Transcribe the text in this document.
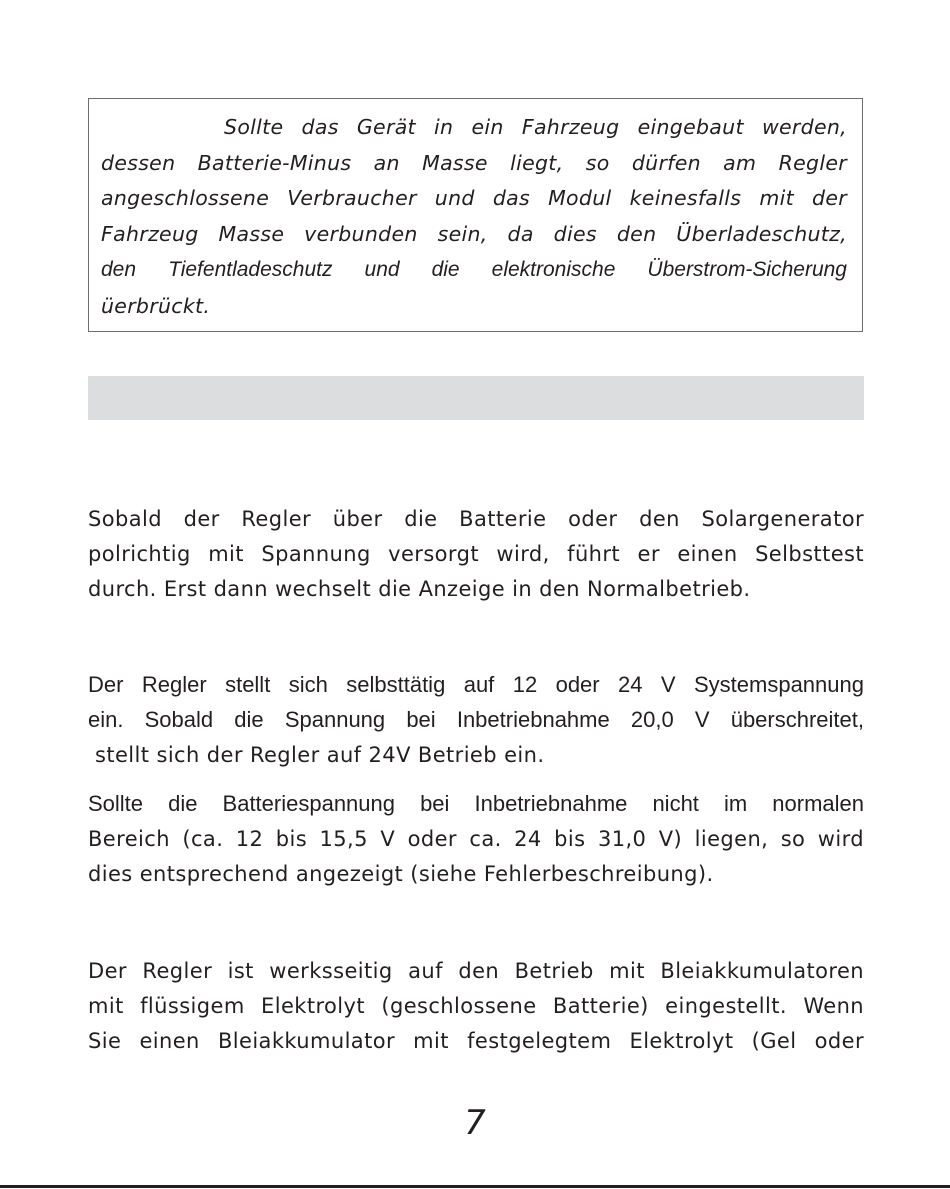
Sollte das Gerät in ein Fahrzeug eingebaut werden,
dessen Batterie-Minus an Masse liegt, so dürfen am Regler
angeschlossene Verbraucher und das Modul keinesfalls mit der
Fahrzeug Masse verbunden sein, da dies den Überladeschutz,
den Tiefentladeschutz und die elektronische Überstrom-Sicherung
üerbrückt.
Sobald der Regler über die Batterie oder den Solargenerator
polrichtig mit Spannung versorgt wird, führt er einen Selbsttest
durch. Erst dann wechselt die Anzeige in den Normalbetrieb.
Der Regler stellt sich selbsttätig auf 12 oder 24 V Systemspannung
ein. Sobald die Spannung bei Inbetriebnahme 20,0 V überschreitet,
stellt sich der Regler auf 24V Betrieb ein.
Sollte die Batteriespannung bei Inbetriebnahme nicht im normalen
Bereich (ca. 12 bis 15,5 V oder ca. 24 bis 31,0 V) liegen, so wird
dies entsprechend angezeigt (siehe Fehlerbeschreibung).
Der Regler ist werksseitig auf den Betrieb mit Bleiakkumulatoren
mit flüssigem Elektrolyt (geschlossene Batterie) eingestellt. Wenn
Sie einen Bleiakkumulator mit festgelegtem Elektrolyt (Gel oder
7
